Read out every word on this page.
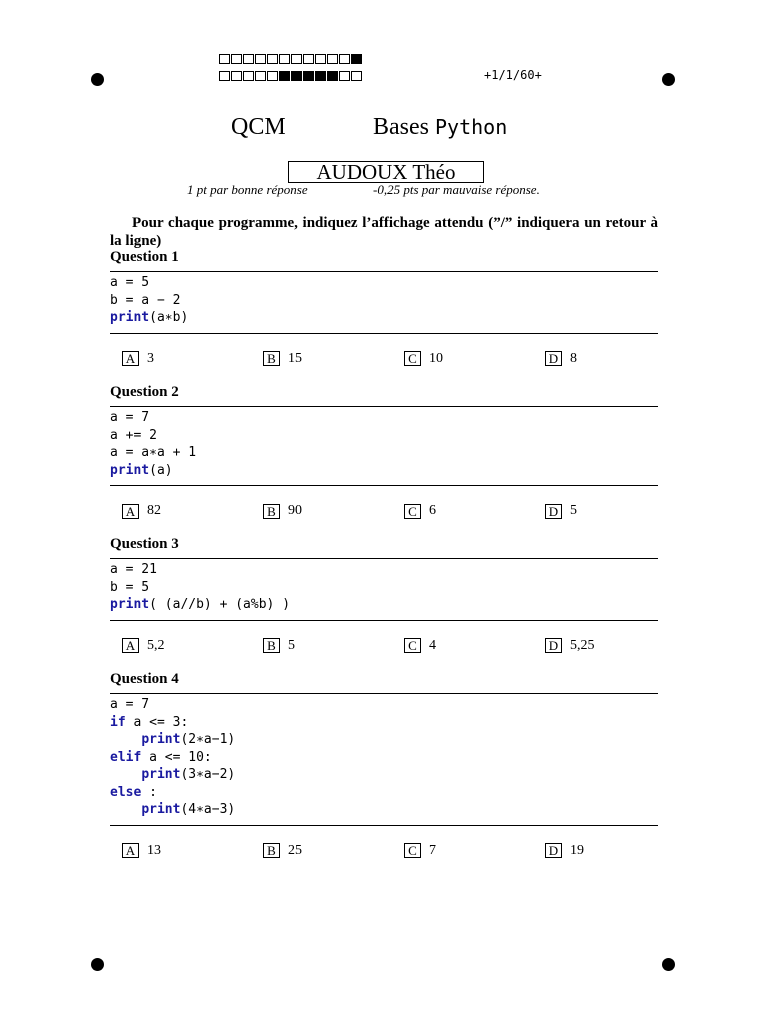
+1/1/60+
QCM	Bases Python
AUDOUX Théo
1 pt par bonne réponse	-0,25 pts par mauvaise réponse.
Pour chaque programme, indiquez l’affichage attendu (”/” indiquera un retour à la ligne)
Question 1
a = 5
b = a − 2
print(a∗b)
A 3	B 15	C 10	D 8
Question 2
a = 7
a += 2
a = a∗a + 1
print(a)
A 82	B 90	C 6	D 5
Question 3
a = 21
b = 5
print( (a//b) + (a%b) )
A 5,2	B 5	C 4	D 5,25
Question 4
a = 7
if a <= 3:
print(2∗a−1)
elif a <= 10:
print(3∗a−2)
else :
print(4∗a−3)
A 13	B 25	C 7	D 19
